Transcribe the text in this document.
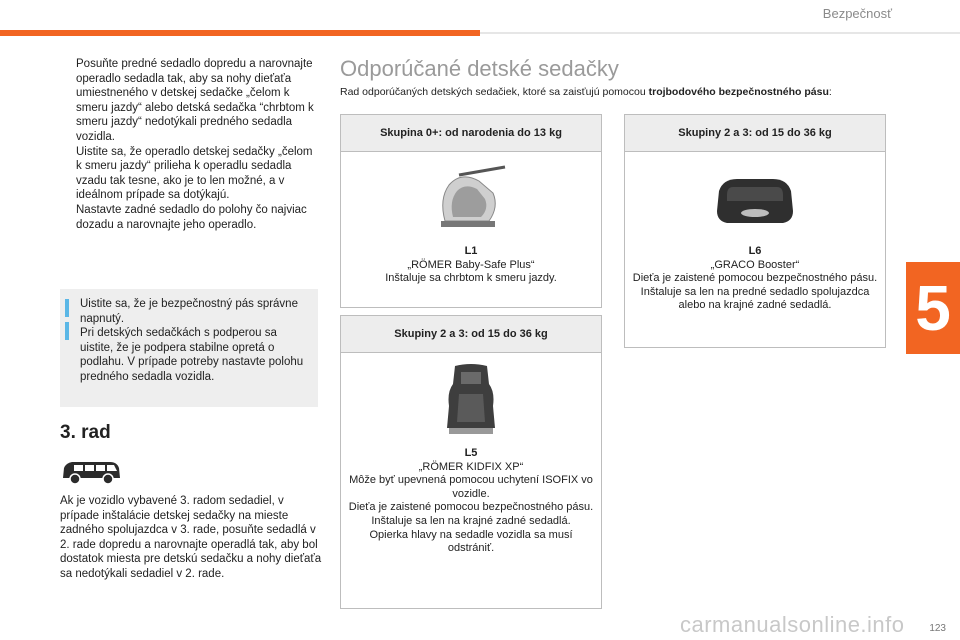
Bezpečnosť
5
Posuňte predné sedadlo dopredu a narovnajte operadlo sedadla tak, aby sa nohy dieťaťa umiestneného v detskej sedačke „čelom k smeru jazdy“ alebo detská sedačka “chrbtom k smeru jazdy“ nedotýkali predného sedadla vozidla.
Uistite sa, že operadlo detskej sedačky „čelom k smeru jazdy“ prilieha k operadlu sedadla vzadu tak tesne, ako je to len možné, a v ideálnom prípade sa dotýkajú.
Nastavte zadné sedadlo do polohy čo najviac dozadu a narovnajte jeho operadlo.
Uistite sa, že je bezpečnostný pás správne napnutý.
Pri detských sedačkách s podperou sa uistite, že je podpera stabilne opretá o podlahu. V prípade potreby nastavte polohu predného sedadla vozidla.
3. rad
Ak je vozidlo vybavené 3. radom sedadiel, v prípade inštalácie detskej sedačky na mieste zadného spolujazdca v 3. rade, posuňte sedadlá v 2. rade dopredu a narovnajte operadlá tak, aby bol dostatok miesta pre detskú sedačku a nohy dieťaťa sa nedotýkali sedadiel v 2. rade.
Odporúčané detské sedačky
Rad odporúčaných detských sedačiek, ktoré sa zaisťujú pomocou trojbodového bezpečnostného pásu:
Skupina 0+: od narodenia do 13 kg
L1
„RÖMER Baby-Safe Plus“
Inštaluje sa chrbtom k smeru jazdy.
Skupiny 2 a 3: od 15 do 36 kg
L5
„RÖMER KIDFIX XP“
Môže byť upevnená pomocou uchytení ISOFIX vo vozidle.
Dieťa je zaistené pomocou bezpečnostného pásu.
Inštaluje sa len na krajné zadné sedadlá.
Opierka hlavy na sedadle vozidla sa musí odstrániť.
Skupiny 2 a 3: od 15 do 36 kg
L6
„GRACO Booster“
Dieťa je zaistené pomocou bezpečnostného pásu.
Inštaluje sa len na predné sedadlo spolujazdca alebo na krajné zadné sedadlá.
123
carmanualsonline.info
